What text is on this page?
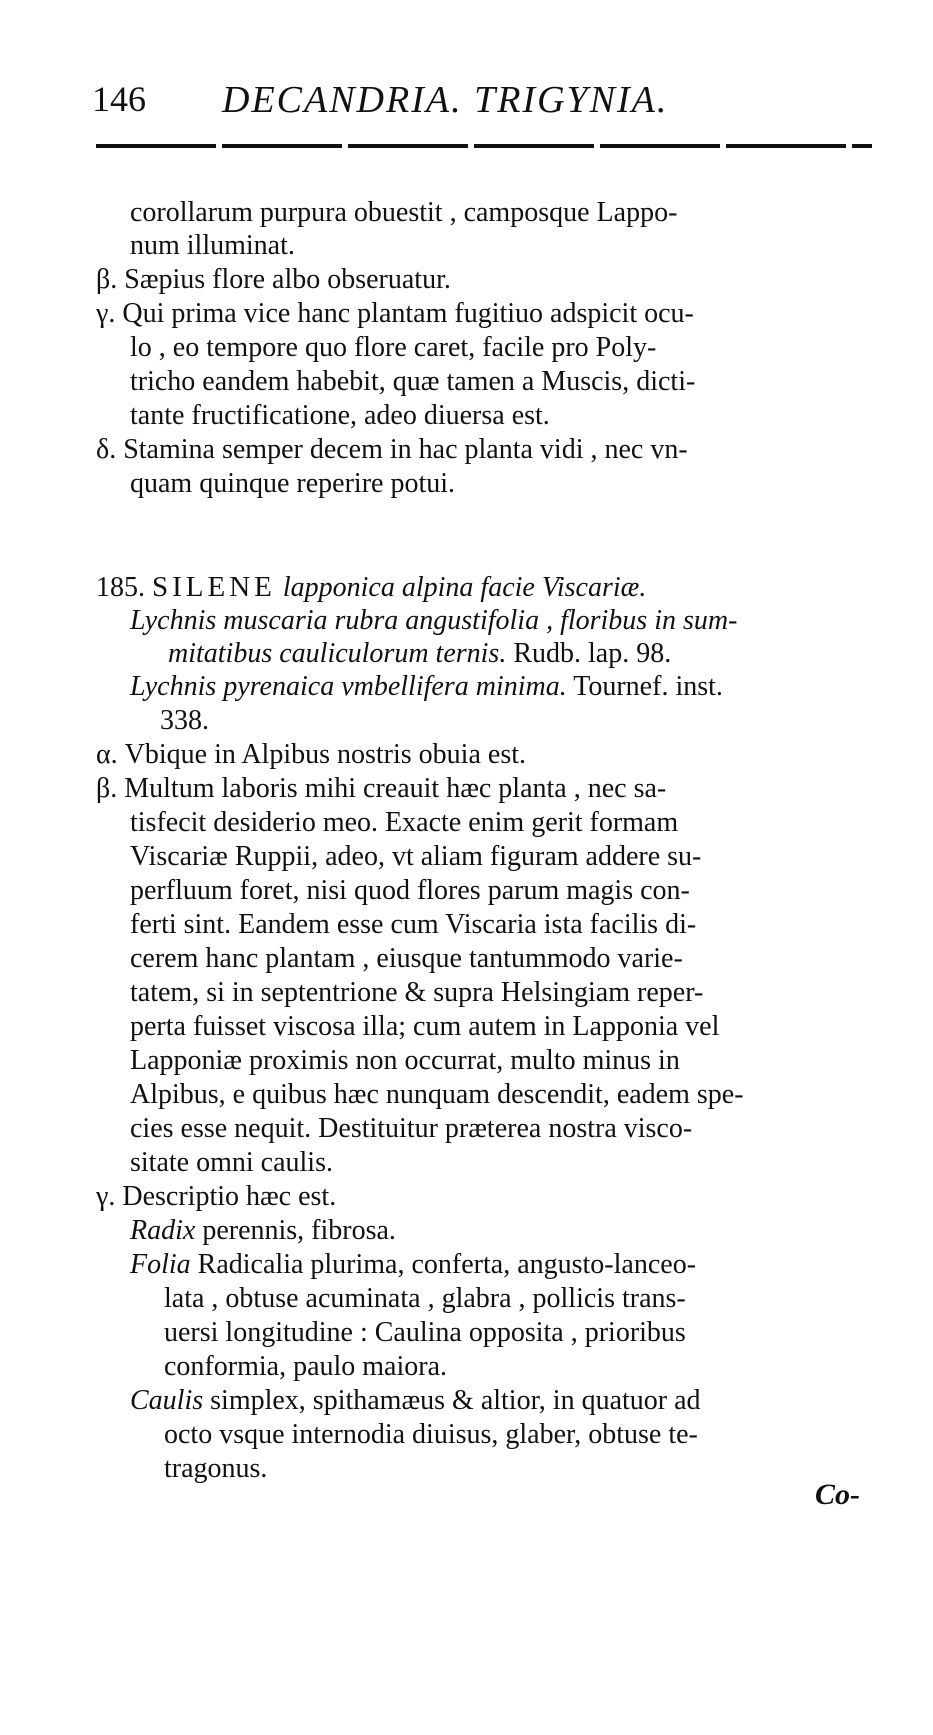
146 DECANDRIA. TRIGYNIA.
corollarum purpura obuestit , camposque Lappo-
num illuminat.
β. Sæpius flore albo obseruatur.
γ. Qui prima vice hanc plantam fugitiuo adspicit ocu-
lo , eo tempore quo flore caret, facile pro Poly-
tricho eandem habebit, quæ tamen a Muscis, dicti-
tante fructificatione, adeo diuersa est.
δ. Stamina semper decem in hac planta vidi , nec vn-
quam quinque reperire potui.
Lychnis muscaria rubra angustifolia , floribus in sum-
mitatibus cauliculorum ternis. Rudb. lap. 98.
Lychnis pyrenaica vmbellifera minima. Tournef. inst.
338.
α. Vbique in Alpibus nostris obuia est.
β. Multum laboris mihi creauit hæc planta , nec sa-
tisfecit desiderio meo. Exacte enim gerit formam
Viscariæ Ruppii, adeo, vt aliam figuram addere su-
perfluum foret, nisi quod flores parum magis con-
ferti sint. Eandem esse cum Viscaria ista facilis di-
cerem hanc plantam , eiusque tantummodo varie-
tatem, si in septentrione & supra Helsingiam reper-
perta fuisset viscosa illa; cum autem in Lapponia vel
Lapponiæ proximis non occurrat, multo minus in
Alpibus, e quibus hæc nunquam descendit, eadem spe-
cies esse nequit. Destituitur præterea nostra visco-
sitate omni caulis.
γ. Descriptio hæc est.
Radix perennis, fibrosa.
Folia Radicalia plurima, conferta, angusto-lanceo-
lata , obtuse acuminata , glabra , pollicis trans-
uersi longitudine : Caulina opposita , prioribus
conformia, paulo maiora.
Caulis simplex, spithamæus & altior, in quatuor ad
octo vsque internodia diuisus, glaber, obtuse te-
tragonus.
185. SILENE lapponica alpina facie Viscariæ.
Co-
